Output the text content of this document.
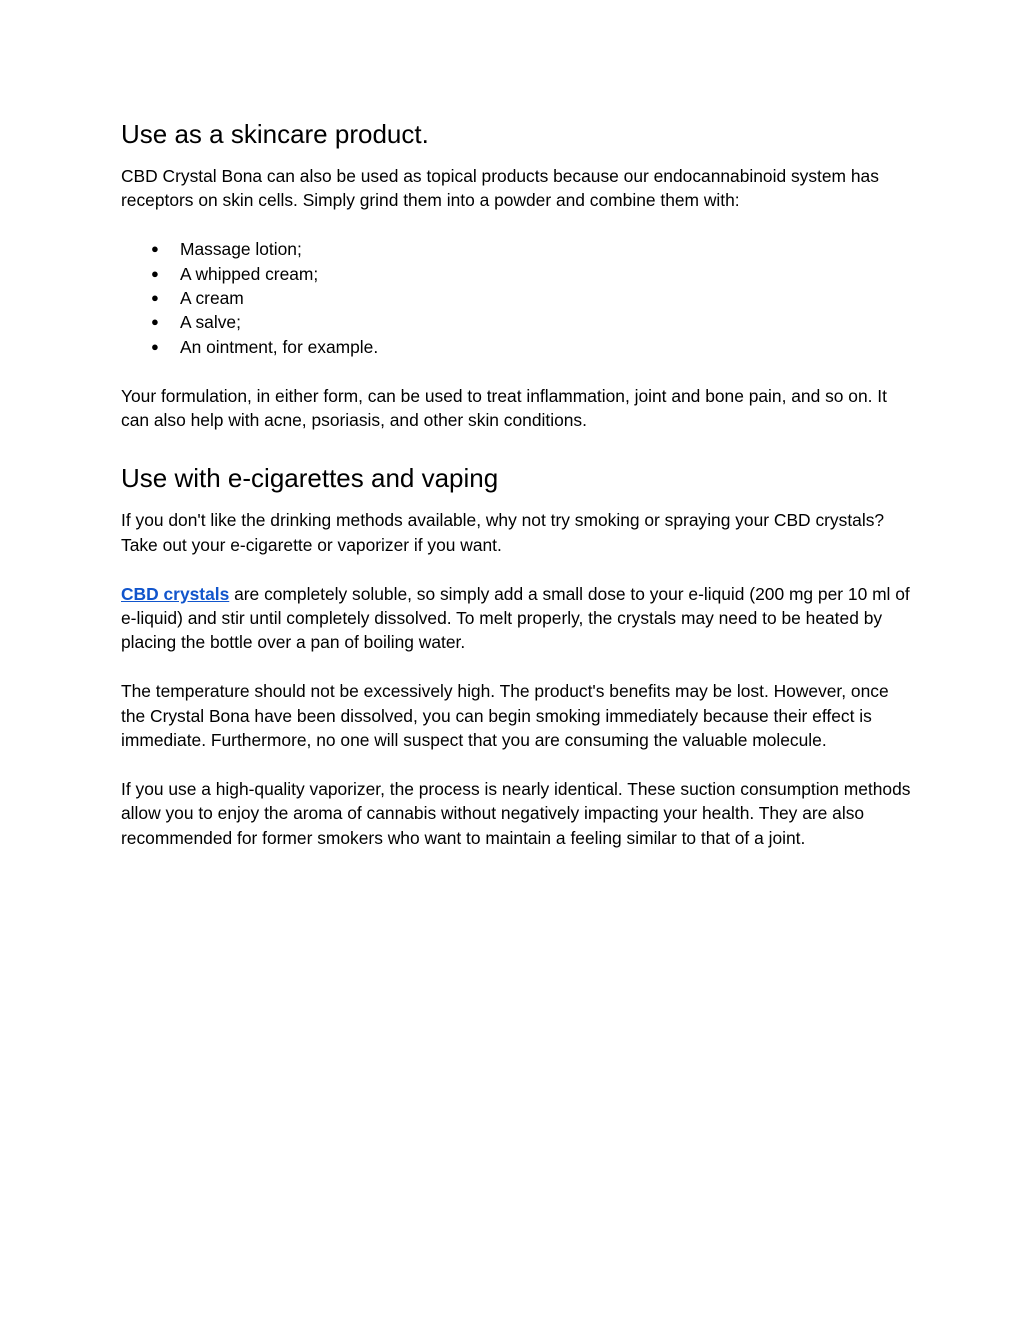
Use as a skincare product.

CBD Crystal Bona can also be used as topical products because our endocannabinoid system has receptors on skin cells. Simply grind them into a powder and combine them with:

● Massage lotion;
● A whipped cream;
● A cream
● A salve;
● An ointment, for example.

Your formulation, in either form, can be used to treat inflammation, joint and bone pain, and so on. It can also help with acne, psoriasis, and other skin conditions.

Use with e-cigarettes and vaping

If you don't like the drinking methods available, why not try smoking or spraying your CBD crystals? Take out your e-cigarette or vaporizer if you want.

CBD crystals are completely soluble, so simply add a small dose to your e-liquid (200 mg per 10 ml of e-liquid) and stir until completely dissolved. To melt properly, the crystals may need to be heated by placing the bottle over a pan of boiling water.

The temperature should not be excessively high. The product's benefits may be lost. However, once the Crystal Bona have been dissolved, you can begin smoking immediately because their effect is immediate. Furthermore, no one will suspect that you are consuming the valuable molecule.

If you use a high-quality vaporizer, the process is nearly identical. These suction consumption methods allow you to enjoy the aroma of cannabis without negatively impacting your health. They are also recommended for former smokers who want to maintain a feeling similar to that of a joint.
